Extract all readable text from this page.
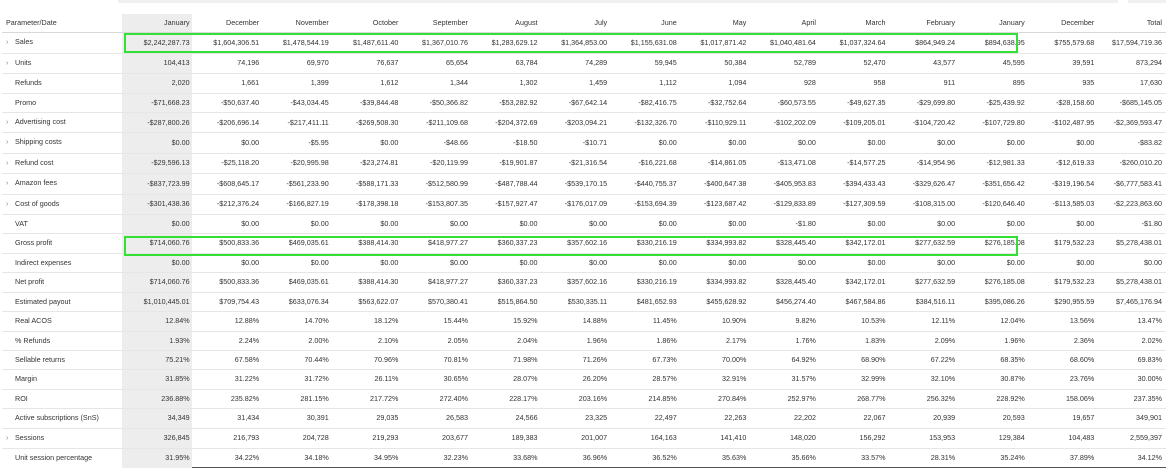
Parameter/Date	January	December	November	October	September	August	July	June	May	April	March	February	January	December	Total
› Sales	$2,242,287.73	$1,604,306.51	$1,478,544.19	$1,487,611.40	$1,367,010.76	$1,283,629.12	$1,364,853.00	$1,155,631.08	$1,017,871.42	$1,040,481.64	$1,037,324.64	$864,949.24	$894,638.95	$755,579.68	$17,594,719.36
› Units	104,413	74,196	69,970	76,637	65,654	63,784	74,289	59,945	50,384	52,789	52,470	43,577	45,595	39,591	873,294
Refunds	2,020	1,661	1,399	1,612	1,344	1,302	1,459	1,112	1,094	928	958	911	895	935	17,630
Promo	-$71,668.23	-$50,637.40	-$43,034.45	-$39,844.48	-$50,366.82	-$53,282.92	-$67,642.14	-$82,416.75	-$32,752.64	-$60,573.55	-$49,627.35	-$29,699.80	-$25,439.92	-$28,158.60	-$685,145.05
› Advertising cost	-$287,800.26	-$206,696.14	-$217,411.11	-$269,508.30	-$211,109.68	-$204,372.69	-$203,094.21	-$132,326.70	-$110,929.11	-$102,202.09	-$109,205.01	-$104,720.42	-$107,729.80	-$102,487.95	-$2,369,593.47
› Shipping costs	$0.00	$0.00	-$5.95	$0.00	-$48.66	-$18.50	-$10.71	$0.00	$0.00	$0.00	$0.00	$0.00	$0.00	$0.00	-$83.82
› Refund cost	-$29,596.13	-$25,118.20	-$20,995.98	-$23,274.81	-$20,119.99	-$19,901.87	-$21,316.54	-$16,221.68	-$14,861.05	-$13,471.08	-$14,577.25	-$14,954.96	-$12,981.33	-$12,619.33	-$260,010.20
› Amazon fees	-$837,723.99	-$608,645.17	-$561,233.90	-$588,171.33	-$512,580.99	-$487,788.44	-$539,170.15	-$440,755.37	-$400,647.38	-$405,953.83	-$394,433.43	-$329,626.47	-$351,656.42	-$319,196.54	-$6,777,583.41
› Cost of goods	-$301,438.36	-$212,376.24	-$166,827.19	-$178,398.18	-$153,807.35	-$157,927.47	-$176,017.09	-$153,694.39	-$123,687.42	-$129,833.89	-$127,309.59	-$108,315.00	-$120,646.40	-$113,585.03	-$2,223,863.60
VAT	$0.00	$0.00	$0.00	$0.00	$0.00	$0.00	$0.00	$0.00	$0.00	-$1.80	$0.00	$0.00	$0.00	$0.00	-$1.80
Gross profit	$714,060.76	$500,833.36	$469,035.61	$388,414.30	$418,977.27	$360,337.23	$357,602.16	$330,216.19	$334,993.82	$328,445.40	$342,172.01	$277,632.59	$276,185.08	$179,532.23	$5,278,438.01
Indirect expenses	$0.00	$0.00	$0.00	$0.00	$0.00	$0.00	$0.00	$0.00	$0.00	$0.00	$0.00	$0.00	$0.00	$0.00	$0.00
Net profit	$714,060.76	$500,833.36	$469,035.61	$388,414.30	$418,977.27	$360,337.23	$357,602.16	$330,216.19	$334,993.82	$328,445.40	$342,172.01	$277,632.59	$276,185.08	$179,532.23	$5,278,438.01
Estimated payout	$1,010,445.01	$709,754.43	$633,076.34	$563,622.07	$570,380.41	$515,864.50	$530,335.11	$481,652.93	$455,628.92	$456,274.40	$467,584.86	$384,516.11	$395,086.26	$290,955.59	$7,465,176.94
Real ACOS	12.84%	12.88%	14.70%	18.12%	15.44%	15.92%	14.88%	11.45%	10.90%	9.82%	10.53%	12.11%	12.04%	13.56%	13.47%
% Refunds	1.93%	2.24%	2.00%	2.10%	2.05%	2.04%	1.96%	1.86%	2.17%	1.76%	1.83%	2.09%	1.96%	2.36%	2.02%
Sellable returns	75.21%	67.58%	70.44%	70.96%	70.81%	71.98%	71.26%	67.73%	70.00%	64.92%	68.90%	67.22%	68.35%	68.60%	69.83%
Margin	31.85%	31.22%	31.72%	26.11%	30.65%	28.07%	26.20%	28.57%	32.91%	31.57%	32.99%	32.10%	30.87%	23.76%	30.00%
ROI	236.88%	235.82%	281.15%	217.72%	272.40%	228.17%	203.16%	214.85%	270.84%	252.97%	268.77%	256.32%	228.92%	158.06%	237.35%
Active subscriptions (SnS)	34,349	31,434	30,391	29,035	26,583	24,566	23,325	22,497	22,263	22,202	22,067	20,939	20,593	19,657	349,901
› Sessions	326,845	216,793	204,728	219,293	203,677	189,383	201,007	164,163	141,410	148,020	156,292	153,953	129,384	104,483	2,559,397
Unit session percentage	31.95%	34.22%	34.18%	34.95%	32.23%	33.68%	36.96%	36.52%	35.63%	35.66%	33.57%	28.31%	35.24%	37.89%	34.12%
